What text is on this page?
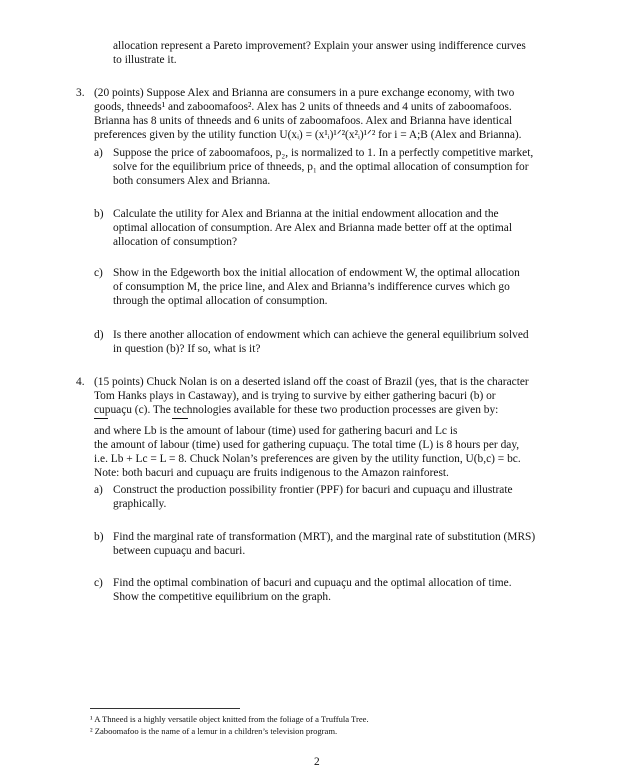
allocation represent a Pareto improvement? Explain your answer using indifference curves
to illustrate it.
3. (20 points) Suppose Alex and Brianna are consumers in a pure exchange economy, with two
goods, thneeds¹ and zaboomafoos². Alex has 2 units of thneeds and 4 units of zaboomafoos.
Brianna has 8 units of thneeds and 6 units of zaboomafoos. Alex and Brianna have identical
preferences given by the utility function U(xᵢ) = (x¹ᵢ)¹ᐟ²(x²ᵢ)¹ᐟ² for i = A;B (Alex and Brianna).
a) Suppose the price of zaboomafoos, p₂, is normalized to 1. In a perfectly competitive market,
solve for the equilibrium price of thneeds, p₁ and the optimal allocation of consumption for
both consumers Alex and Brianna.
b) Calculate the utility for Alex and Brianna at the initial endowment allocation and the
optimal allocation of consumption. Are Alex and Brianna made better off at the optimal
allocation of consumption?
c) Show in the Edgeworth box the initial allocation of endowment W, the optimal allocation
of consumption M, the price line, and Alex and Brianna’s indifference curves which go
through the optimal allocation of consumption.
d) Is there another allocation of endowment which can achieve the general equilibrium solved
in question (b)? If so, what is it?
4. (15 points) Chuck Nolan is on a deserted island off the coast of Brazil (yes, that is the character
Tom Hanks plays in Castaway), and is trying to survive by either gathering bacuri (b) or
cupuaçu (c). The technologies available for these two production processes are given by:
and where Lb is the amount of labour (time) used for gathering bacuri and Lc is
the amount of labour (time) used for gathering cupuaçu. The total time (L) is 8 hours per day,
i.e. Lb + Lc = L = 8. Chuck Nolan’s preferences are given by the utility function, U(b,c) = bc.
Note: both bacuri and cupuaçu are fruits indigenous to the Amazon rainforest.
a) Construct the production possibility frontier (PPF) for bacuri and cupuaçu and illustrate
graphically.
b) Find the marginal rate of transformation (MRT), and the marginal rate of substitution (MRS)
between cupuaçu and bacuri.
c) Find the optimal combination of bacuri and cupuaçu and the optimal allocation of time.
Show the competitive equilibrium on the graph.
¹ A Thneed is a highly versatile object knitted from the foliage of a Truffula Tree.
² Zaboomafoo is the name of a lemur in a children’s television program.
2
